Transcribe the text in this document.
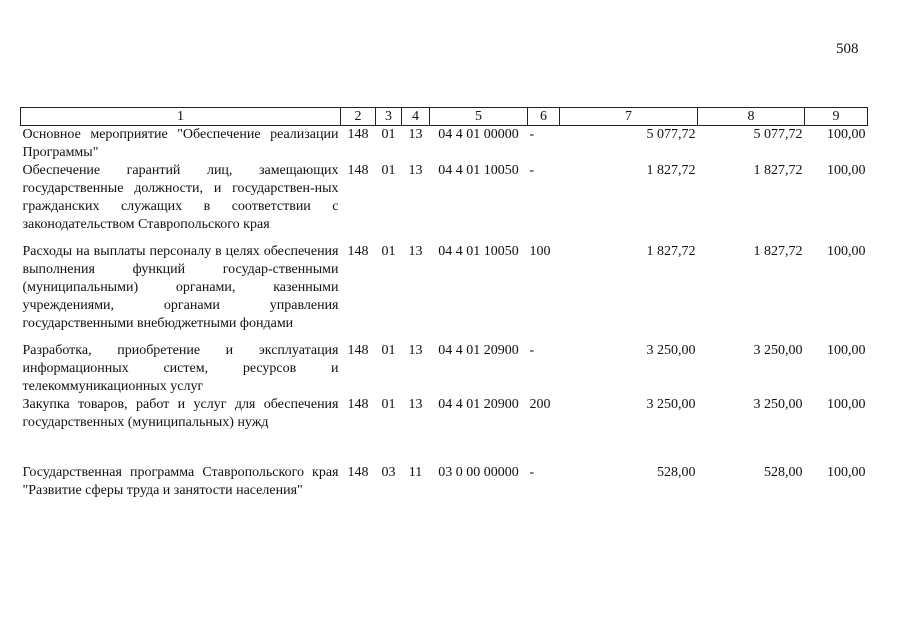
508
1	2	3	4	5	6	7	8	9
Основное мероприятие "Обеспечение реализации Программы"	148	01	13	04 4 01 00000	-	5 077,72	5 077,72	100,00
Обеспечение гарантий лиц, замещающих государственные должности, и государствен-ных гражданских служащих в соответствии с законодательством Ставропольского края	148	01	13	04 4 01 10050	-	1 827,72	1 827,72	100,00
Расходы на выплаты персоналу в целях обеспечения выполнения функций государ-ственными (муниципальными) органами, казенными учреждениями, органами управления государственными внебюджетными фондами	148	01	13	04 4 01 10050	100	1 827,72	1 827,72	100,00
Разработка, приобретение и эксплуатация информационных систем, ресурсов и телекоммуникационных услуг	148	01	13	04 4 01 20900	-	3 250,00	3 250,00	100,00
Закупка товаров, работ и услуг для обеспечения государственных (муниципальных) нужд	148	01	13	04 4 01 20900	200	3 250,00	3 250,00	100,00
Государственная программа Ставропольского края "Развитие сферы труда и занятости населения"	148	03	11	03 0 00 00000	-	528,00	528,00	100,00
